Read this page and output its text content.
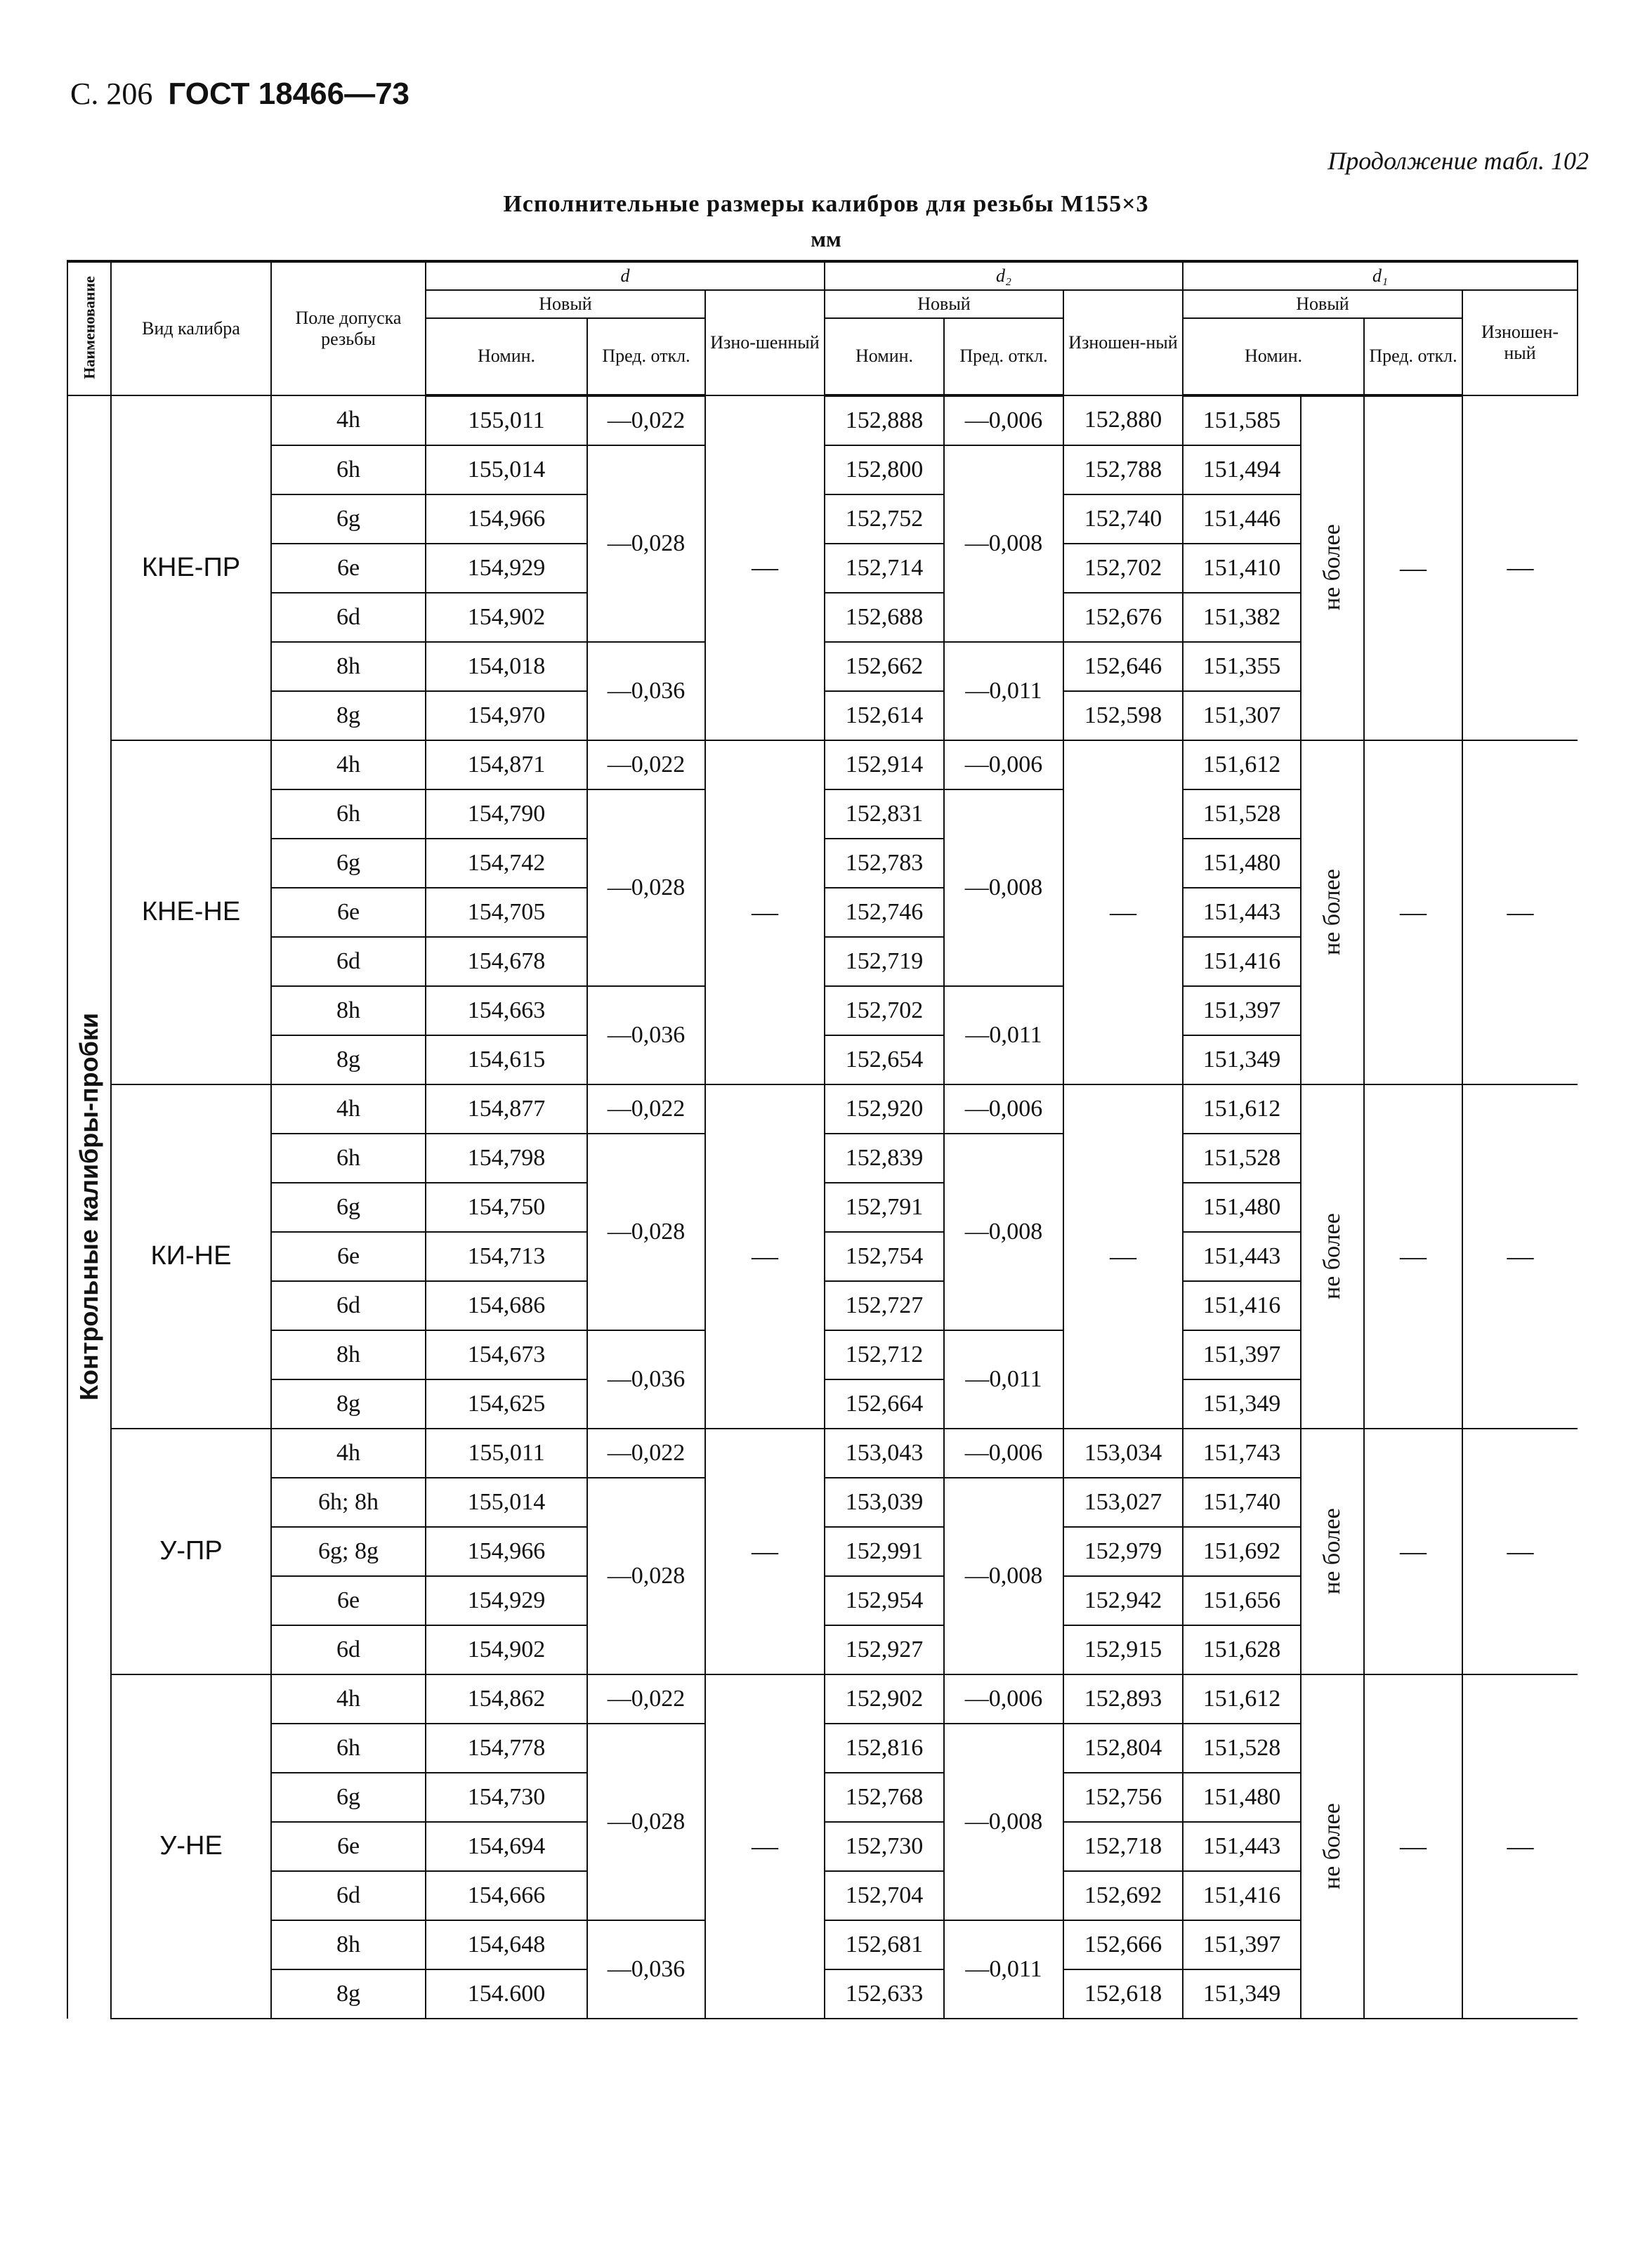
С. 206 ГОСТ 18466—73
Продолжение табл. 102
Исполнительные размеры калибров для резьбы М155×3
мм
Наименование	Вид калибра	Поле допуска резьбы	d			d₂			d₁			
			Новый		Изно-шенный	Новый		Изношен-ный	Новый			Изношен-ный
			Номин.	Пред. откл.		Номин.	Пред. откл.		Номин.		Пред. откл.	
Контрольные калибры-пробки	КНЕ-ПР	4h	155,011	—0,022	—	152,888	—0,006	152,880	151,585	не более	—	—
		6h	155,014	—0,028		152,800	—0,008	152,788	151,494			
		6g	154,966			152,752		152,740	151,446			
		6e	154,929			152,714		152,702	151,410			
		6d	154,902			152,688		152,676	151,382			
		8h	154,018	—0,036		152,662	—0,011	152,646	151,355			
		8g	154,970			152,614		152,598	151,307			
	КНЕ-НЕ	4h	154,871	—0,022	—	152,914	—0,006	—	151,612	не более	—	—
		6h	154,790	—0,028		152,831	—0,008		151,528			
		6g	154,742			152,783			151,480			
		6e	154,705			152,746			151,443			
		6d	154,678			152,719			151,416			
		8h	154,663	—0,036		152,702	—0,011		151,397			
		8g	154,615			152,654			151,349			
	КИ-НЕ	4h	154,877	—0,022	—	152,920	—0,006	—	151,612	не более	—	—
		6h	154,798	—0,028		152,839	—0,008		151,528			
		6g	154,750			152,791			151,480			
		6e	154,713			152,754			151,443			
		6d	154,686			152,727			151,416			
		8h	154,673	—0,036		152,712	—0,011		151,397			
		8g	154,625			152,664			151,349			
	У-ПР	4h	155,011	—0,022	—	153,043	—0,006	153,034	151,743	не более	—	—
		6h; 8h	155,014	—0,028		153,039	—0,008	153,027	151,740			
		6g; 8g	154,966			152,991		152,979	151,692			
		6e	154,929			152,954		152,942	151,656			
		6d	154,902			152,927		152,915	151,628			
	У-НЕ	4h	154,862	—0,022	—	152,902	—0,006	152,893	151,612	не более	—	—
		6h	154,778	—0,028		152,816	—0,008	152,804	151,528			
		6g	154,730			152,768		152,756	151,480			
		6e	154,694			152,730		152,718	151,443			
		6d	154,666			152,704		152,692	151,416			
		8h	154,648	—0,036		152,681	—0,011	152,666	151,397			
		8g	154.600			152,633		152,618	151,349			
